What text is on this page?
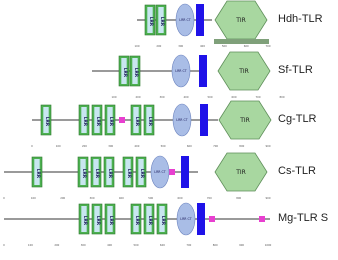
LRR LRR	LRR CT	TIR
100	200	300	400	500	600	700
LRR LRR	LRR CT	TIR
100	200	300	400	500	600	700	800
LRR	LRR LRR LRR	LRR LRR	LRR CT	TIR
0	100	200	300	400	500	600	700	800	900
LRR	LRR LRR LRR	LRR LRR	LRR CT	TIR
0	100	200	300	400	500	600	700	800	900
LRR LRR LRR	LRR LRR LRR	LRR CT
0	100	200	300	400	500	600	700	800	900	1000
Hdh-TLR
Sf-TLR
Cg-TLR
Cs-TLR
Mg-TLR S
